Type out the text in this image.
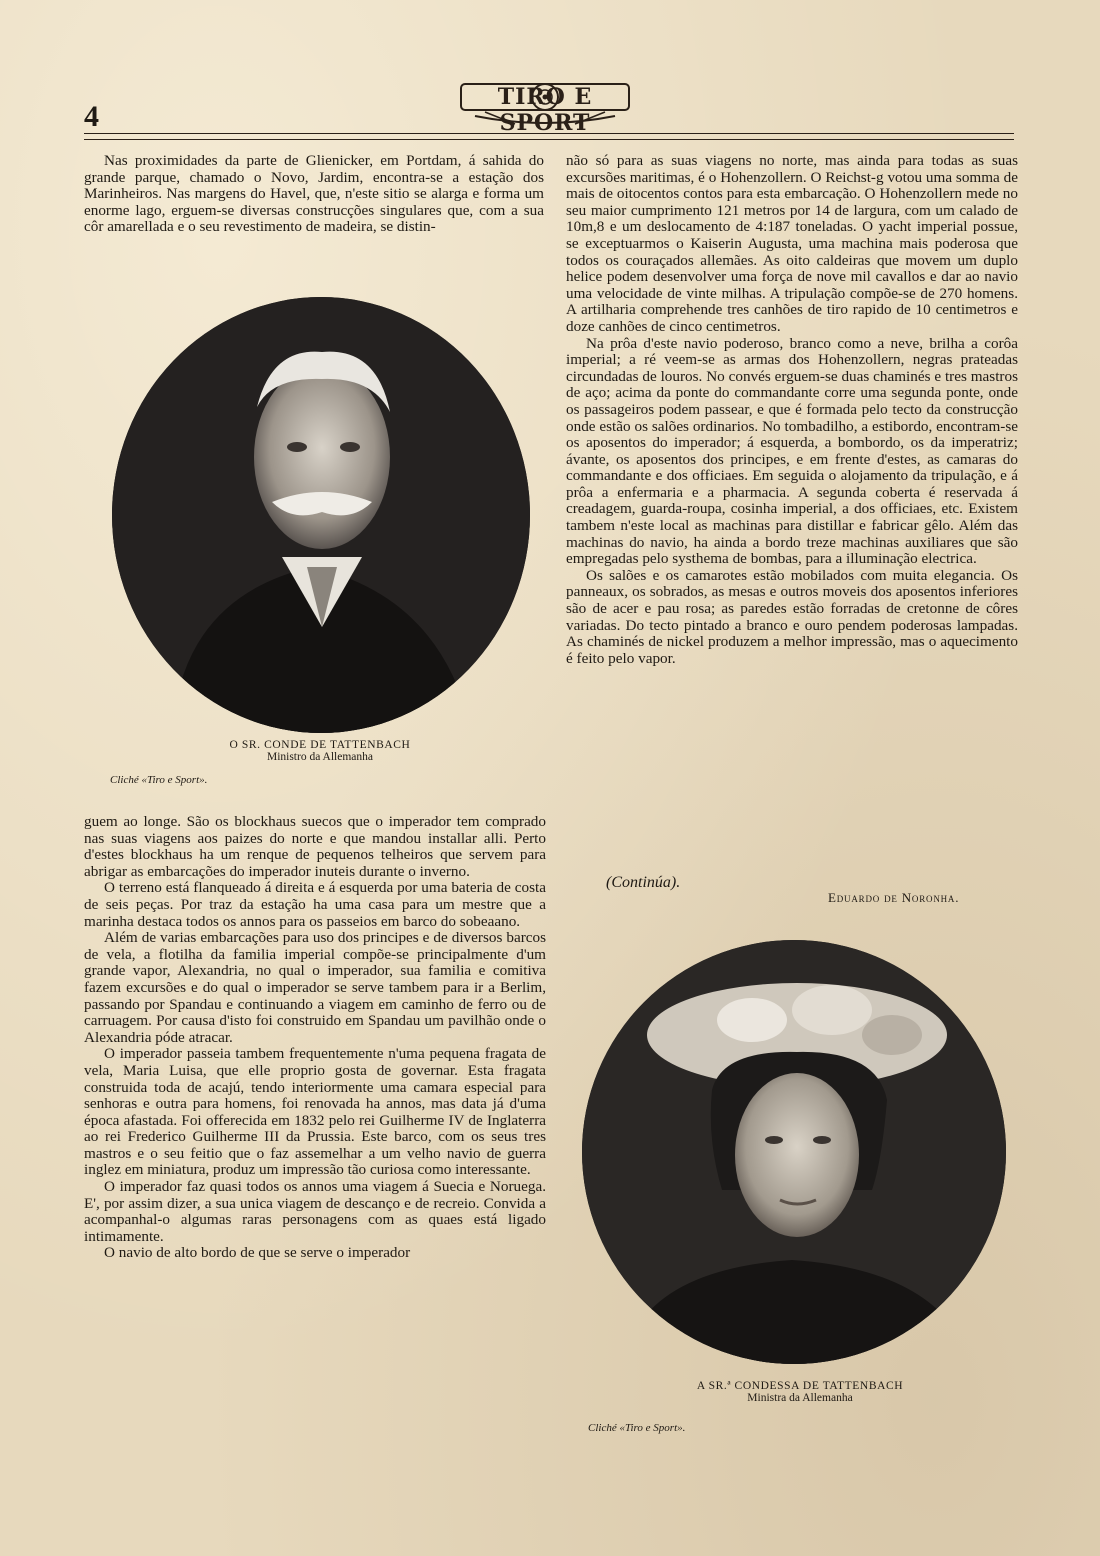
TIRO E SPORT
4

Nas proximidades da parte de Glienicker, em Portdam, á sahida do grande parque, chamado o Novo, Jardim, encontra-se a estação dos Marinheiros. Nas margens do Havel, que, n'este sitio se alarga e forma um enorme lago, erguem-se diversas construcções singulares que, com a sua côr amarellada e o seu revestimento de madeira, se distin-

O SR. CONDE DE TATTENBACH
Ministro da Allemanha
Cliché «Tiro e Sport».

guem ao longe. São os blockhaus suecos que o imperador tem comprado nas suas viagens aos paizes do norte e que mandou installar alli. Perto d'estes blockhaus ha um renque de pequenos telheiros que servem para abrigar as embarcações do imperador inuteis durante o inverno.

O terreno está flanqueado á direita e á esquerda por uma bateria de costa de seis peças. Por traz da estação ha uma casa para um mestre que a marinha destaca todos os annos para os passeios em barco do sobeaano.

Além de varias embarcações para uso dos principes e de diversos barcos de vela, a flotilha da familia imperial compõe-se principalmente d'um grande vapor, Alexandria, no qual o imperador, sua familia e comitiva fazem excursões e do qual o imperador se serve tambem para ir a Berlim, passando por Spandau e continuando a viagem em caminho de ferro ou de carruagem. Por causa d'isto foi construido em Spandau um pavilhão onde o Alexandria póde atracar.

O imperador passeia tambem frequentemente n'uma pequena fragata de vela, Maria Luisa, que elle proprio gosta de governar. Esta fragata construida toda de acajú, tendo interiormente uma camara especial para senhoras e outra para homens, foi renovada ha annos, mas data já d'uma época afastada. Foi offerecida em 1832 pelo rei Guilherme IV de Inglaterra ao rei Frederico Guilherme III da Prussia. Este barco, com os seus tres mastros e o seu feitio que o faz assemelhar a um velho navio de guerra inglez em miniatura, produz um impressão tão curiosa como interessante.

O imperador faz quasi todos os annos uma viagem á Suecia e Noruega. E', por assim dizer, a sua unica viagem de descanço e de recreio. Convida a acompanhal-o algumas raras personagens com as quaes está ligado intimamente.

O navio de alto bordo de que se serve o imperador

não só para as suas viagens no norte, mas ainda para todas as suas excursões maritimas, é o Hohenzollern. O Reichst-g votou uma somma de mais de oitocentos contos para esta embarcação. O Hohenzollern mede no seu maior cumprimento 121 metros por 14 de largura, com um calado de 10m,8 e um deslocamento de 4:187 toneladas. O yacht imperial possue, se exceptuarmos o Kaiserin Augusta, uma machina mais poderosa que todos os couraçados allemães. As oito caldeiras que movem um duplo helice podem desenvolver uma força de nove mil cavallos e dar ao navio uma velocidade de vinte milhas. A tripulação compõe-se de 270 homens. A artilharia comprehende tres canhões de tiro rapido de 10 centimetros e doze canhões de cinco centimetros.

Na prôa d'este navio poderoso, branco como a neve, brilha a corôa imperial; a ré veem-se as armas dos Hohenzollern, negras prateadas circundadas de louros. No convés erguem-se duas chaminés e tres mastros de aço; acima da ponte do commandante corre uma segunda ponte, onde os passageiros podem passear, e que é formada pelo tecto da construcção onde estão os salões ordinarios. No tombadilho, a estibordo, encontram-se os aposentos do imperador; á esquerda, a bombordo, os da imperatriz; ávante, os aposentos dos principes, e em frente d'estes, as camaras do commandante e dos officiaes. Em seguida o alojamento da tripulação, e á prôa a enfermaria e a pharmacia. A segunda coberta é reservada á creadagem, guarda-roupa, cosinha imperial, a dos officiaes, etc. Existem tambem n'este local as machinas para distillar e fabricar gêlo. Além das machinas do navio, ha ainda a bordo treze machinas auxiliares que são empregadas pelo systhema de bombas, para a illuminação electrica.

Os salões e os camarotes estão mobilados com muita elegancia. Os panneaux, os sobrados, as mesas e outros moveis dos aposentos inferiores são de acer e pau rosa; as paredes estão forradas de cretonne de côres variadas. Do tecto pintado a branco e ouro pendem poderosas lampadas. As chaminés de nickel produzem a melhor impressão, mas o aquecimento é feito pelo vapor.

(Continúa).
Eduardo de Noronha.
A SR.ª CONDESSA DE TATTENBACH
Ministra da Allemanha
Cliché «Tiro e Sport».
